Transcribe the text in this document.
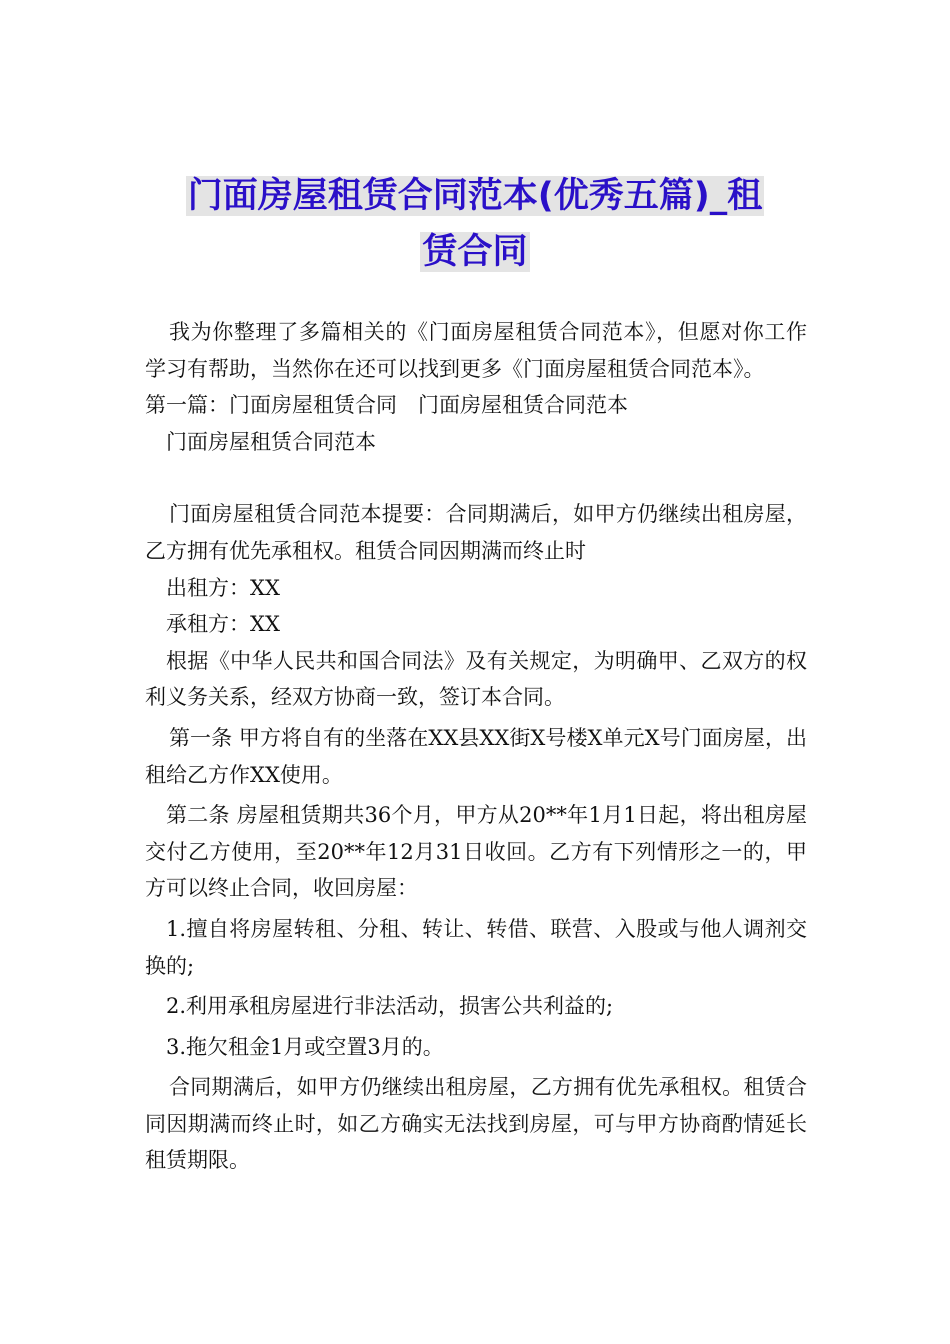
门面房屋租赁合同范本(优秀五篇)_租
赁合同

我为你整理了多篇相关的《门面房屋租赁合同范本》，但愿对你工作学习有帮助，当然你在还可以找到更多《门面房屋租赁合同范本》。

第一篇：门面房屋租赁合同　门面房屋租赁合同范本

门面房屋租赁合同范本

门面房屋租赁合同范本提要：合同期满后，如甲方仍继续出租房屋，乙方拥有优先承租权。租赁合同因期满而终止时

出租方：XX

承租方：XX

根据《中华人民共和国合同法》及有关规定，为明确甲、乙双方的权利义务关系，经双方协商一致，签订本合同。

第一条 甲方将自有的坐落在XX县XX街X号楼X单元X号门面房屋，出租给乙方作XX使用。

第二条 房屋租赁期共36个月，甲方从20**年1月1日起，将出租房屋交付乙方使用，至20**年12月31日收回。乙方有下列情形之一的，甲方可以终止合同，收回房屋：

1.擅自将房屋转租、分租、转让、转借、联营、入股或与他人调剂交换的;

2.利用承租房屋进行非法活动，损害公共利益的;

3.拖欠租金1月或空置3月的。

合同期满后，如甲方仍继续出租房屋，乙方拥有优先承租权。租赁合同因期满而终止时，如乙方确实无法找到房屋，可与甲方协商酌情延长租赁期限。
